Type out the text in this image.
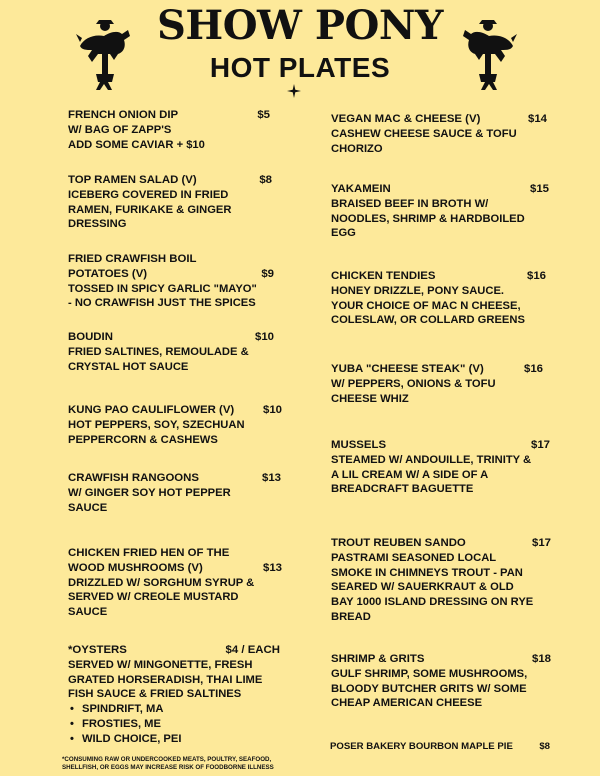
SHOW PONY
HOT PLATES
FRENCH ONION DIP	$5
W/ BAG OF ZAPP'S
ADD SOME CAVIAR + $10
TOP RAMEN SALAD (V)	$8
ICEBERG COVERED IN FRIED
RAMEN, FURIKAKE & GINGER
DRESSING
FRIED CRAWFISH BOIL
POTATOES (V)	$9
TOSSED IN SPICY GARLIC "MAYO"
- NO CRAWFISH JUST THE SPICES
BOUDIN	$10
FRIED SALTINES, REMOULADE &
CRYSTAL HOT SAUCE
KUNG PAO CAULIFLOWER (V)	$10
HOT PEPPERS, SOY, SZECHUAN
PEPPERCORN & CASHEWS
CRAWFISH RANGOONS	$13
W/ GINGER SOY HOT PEPPER
SAUCE
CHICKEN FRIED HEN OF THE
WOOD MUSHROOMS (V)	$13
DRIZZLED W/ SORGHUM SYRUP &
SERVED W/ CREOLE MUSTARD
SAUCE
*OYSTERS	$4 / EACH
SERVED W/ MINGONETTE, FRESH
GRATED HORSERADISH, THAI LIME
FISH SAUCE & FRIED SALTINES
• SPINDRIFT, MA
• FROSTIES, ME
• WILD CHOICE, PEI
VEGAN MAC & CHEESE (V)	$14
CASHEW CHEESE SAUCE & TOFU
CHORIZO
YAKAMEIN	$15
BRAISED BEEF IN BROTH W/
NOODLES, SHRIMP & HARDBOILED
EGG
CHICKEN TENDIES	$16
HONEY DRIZZLE, PONY SAUCE.
YOUR CHOICE OF MAC N CHEESE,
COLESLAW, OR COLLARD GREENS
YUBA "CHEESE STEAK" (V)	$16
W/ PEPPERS, ONIONS & TOFU
CHEESE WHIZ
MUSSELS	$17
STEAMED W/ ANDOUILLE, TRINITY &
A LIL CREAM W/ A SIDE OF A
BREADCRAFT BAGUETTE
TROUT REUBEN SANDO	$17
PASTRAMI SEASONED LOCAL
SMOKE IN CHIMNEYS TROUT - PAN
SEARED W/ SAUERKRAUT & OLD
BAY 1000 ISLAND DRESSING ON RYE
BREAD
SHRIMP & GRITS	$18
GULF SHRIMP, SOME MUSHROOMS,
BLOODY BUTCHER GRITS W/ SOME
CHEAP AMERICAN CHEESE
POSER BAKERY BOURBON MAPLE PIE	$8
*CONSUMING RAW OR UNDERCOOKED MEATS, POULTRY, SEAFOOD,
SHELLFISH, OR EGGS MAY INCREASE RISK OF FOODBORNE ILLNESS
